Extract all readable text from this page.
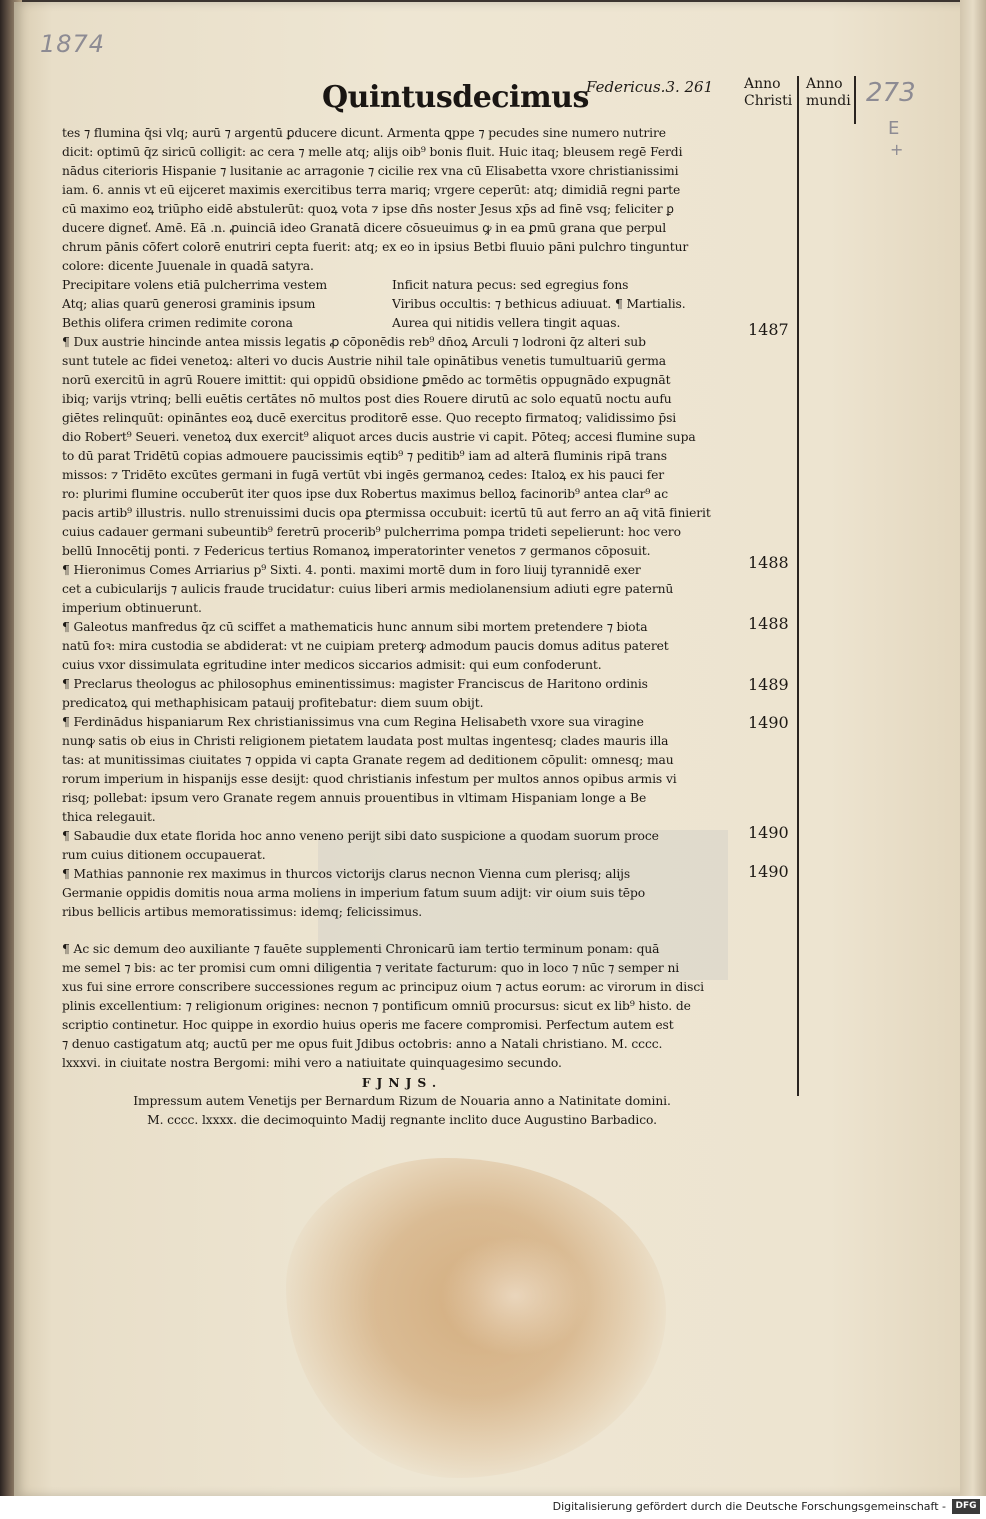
1874
273
E
+
Quintusdecimus
Federicus.3. 261 Anno
Christi
Anno
mundi
tes ⁊ flumina q̄si vlq; aurū ⁊ argentū ꝑducere dicunt. Armenta ꝗppe ⁊ pecudes sine numero nutrire
dicit: optimū q̄z siricū colligit: ac cera ⁊ melle atq; alijs oib⁹ bonis fluit. Huic itaq; bleusem regē Ferdi
nādus citerioris Hispanie ⁊ lusitanie ac arragonie ⁊ cicilie rex vna cū Elisabetta vxore christianissimi
iam. 6. annis vt eū eijceret maximis exercitibus terra mariq; vrgere ceperūt: atq; dimidiā regni parte
cū maximo eoꝝ triūpho eidē abstulerūt: quoꝝ vota ⁊ ipse dn̄s noster Jesus xp̄s ad finē vsq; feliciter ꝑ
ducere digneť. Amē. Eā .n. ꝓuinciā ideo Granatā dicere cōsueuimus ꝙ in ea ꝑmū grana que perpul
chrum pānis cōfert colorē enutriri cepta fuerit: atq; ex eo in ipsius Betbi fluuio pāni pulchro tinguntur
colore: dicente Juuenale in quadā satyra.
Precipitare volens etiā pulcherrima vestem	Inficit natura pecus: sed egregius fons
Atq; alias quarū generosi graminis ipsum	Viribus occultis: ⁊ bethicus adiuuat. ¶ Martialis.
Bethis olifera crimen redimite corona	Aurea qui nitidis vellera tingit aquas.
¶ Dux austrie hincinde antea missis legatis ꝓ cōponēdis reb⁹ dn̄oꝝ Arculi ⁊ lodroni q̄z alteri sub
sunt tutele ac fidei venetoꝝ: alteri vo ducis Austrie nihil tale opinātibus venetis tumultuariū germa
norū exercitū in agrū Rouere imittit: qui oppidū obsidione ꝑmēdo ac tormētis oppugnādo expugnāt
ibiq; varijs vtrinq; belli euētis certātes nō multos post dies Rouere dirutū ac solo equatū noctu aufu
giētes relinquūt: opināntes eoꝝ ducē exercitus proditorē esse. Quo recepto firmatoq; validissimo p̄si
dio Robert⁹ Seueri. venetoꝝ dux exercit⁹ aliquot arces ducis austrie vi capit. Pōteq; accesi flumine supa
to dū parat Tridētū copias admouere paucissimis eqtib⁹ ⁊ peditib⁹ iam ad alterā fluminis ripā trans
missos: ⁊ Tridēto excūtes germani in fugā vertūt vbi ingēs germanoꝝ cedes: Italoꝝ ex his pauci fer
ro: plurimi flumine occuberūt iter quos ipse dux Robertus maximus belloꝝ facinorib⁹ antea clar⁹ ac
pacis artib⁹ illustris. nullo strenuissimi ducis opa ꝑtermissa occubuit: icertū tū aut ferro an aq̄ vitā finierit
cuius cadauer germani subeuntib⁹ feretrū procerib⁹ pulcherrima pompa trideti sepelierunt: hoc vero
bellū Innocētij ponti. ⁊ Federicus tertius Romanoꝝ imperatorinter venetos ⁊ germanos cōposuit.
¶ Hieronimus Comes Arriarius p⁹ Sixti. 4. ponti. maximi mortē dum in foro liuij tyrannidē exer
cet a cubicularijs ⁊ aulicis fraude trucidatur: cuius liberi armis mediolanensium adiuti egre paternū
imperium obtinuerunt.
¶ Galeotus manfredus q̄z cū sciffet a mathematicis hunc annum sibi mortem pretendere ⁊ biota
natū foꝛ: mira custodia se abdiderat: vt ne cuipiam preterꝙ admodum paucis domus aditus pateret
cuius vxor dissimulata egritudine inter medicos siccarios admisit: qui eum confoderunt.
¶ Preclarus theologus ac philosophus eminentissimus: magister Franciscus de Haritono ordinis
predicatoꝝ qui methaphisicam patauij profitebatur: diem suum obijt.
¶ Ferdinādus hispaniarum Rex christianissimus vna cum Regina Helisabeth vxore sua viragine
nunꝙ satis ob eius in Christi religionem pietatem laudata post multas ingentesq; clades mauris illa
tas: at munitissimas ciuitates ⁊ oppida vi capta Granate regem ad deditionem cōpulit: omnesq; mau
rorum imperium in hispanijs esse desijt: quod christianis infestum per multos annos opibus armis vi
risq; pollebat: ipsum vero Granate regem annuis prouentibus in vltimam Hispaniam longe a Be
thica relegauit.
¶ Sabaudie dux etate florida hoc anno veneno perijt sibi dato suspicione a quodam suorum proce
rum cuius ditionem occupauerat.
¶ Mathias pannonie rex maximus in thurcos victorijs clarus necnon Vienna cum plerisq; alijs
Germanie oppidis domitis noua arma moliens in imperium fatum suum adijt: vir oium suis tēpo
ribus bellicis artibus memoratissimus: idemq; felicissimus.
¶ Ac sic demum deo auxiliante ⁊ fauēte supplementi Chronicarū iam tertio terminum ponam: quā
me semel ⁊ bis: ac ter promisi cum omni diligentia ⁊ veritate facturum: quo in loco ⁊ nūc ⁊ semper ni
xus fui sine errore conscribere successiones regum ac principuz oium ⁊ actus eorum: ac virorum in disci
plinis excellentium: ⁊ religionum origines: necnon ⁊ pontificum omniū procursus: sicut ex lib⁹ histo. de
scriptio continetur. Hoc quippe in exordio huius operis me facere compromisi. Perfectum autem est
⁊ denuo castigatum atq; auctū per me opus fuit Jdibus octobris: anno a Natali christiano. M. cccc.
lxxxvi. in ciuitate nostra Bergomi: mihi vero a natiuitate quinquagesimo secundo.
FJNJS.
Impressum autem Venetijs per Bernardum Rizum de Nouaria anno a Natinitate domini.
M. cccc. lxxxx. die decimoquinto Madij regnante inclito duce Augustino Barbadico.
1487
1488
1488
1489
1490
1490
1490
Digitalisierung gefördert durch die Deutsche Forschungsgemeinschaft -	DFG
